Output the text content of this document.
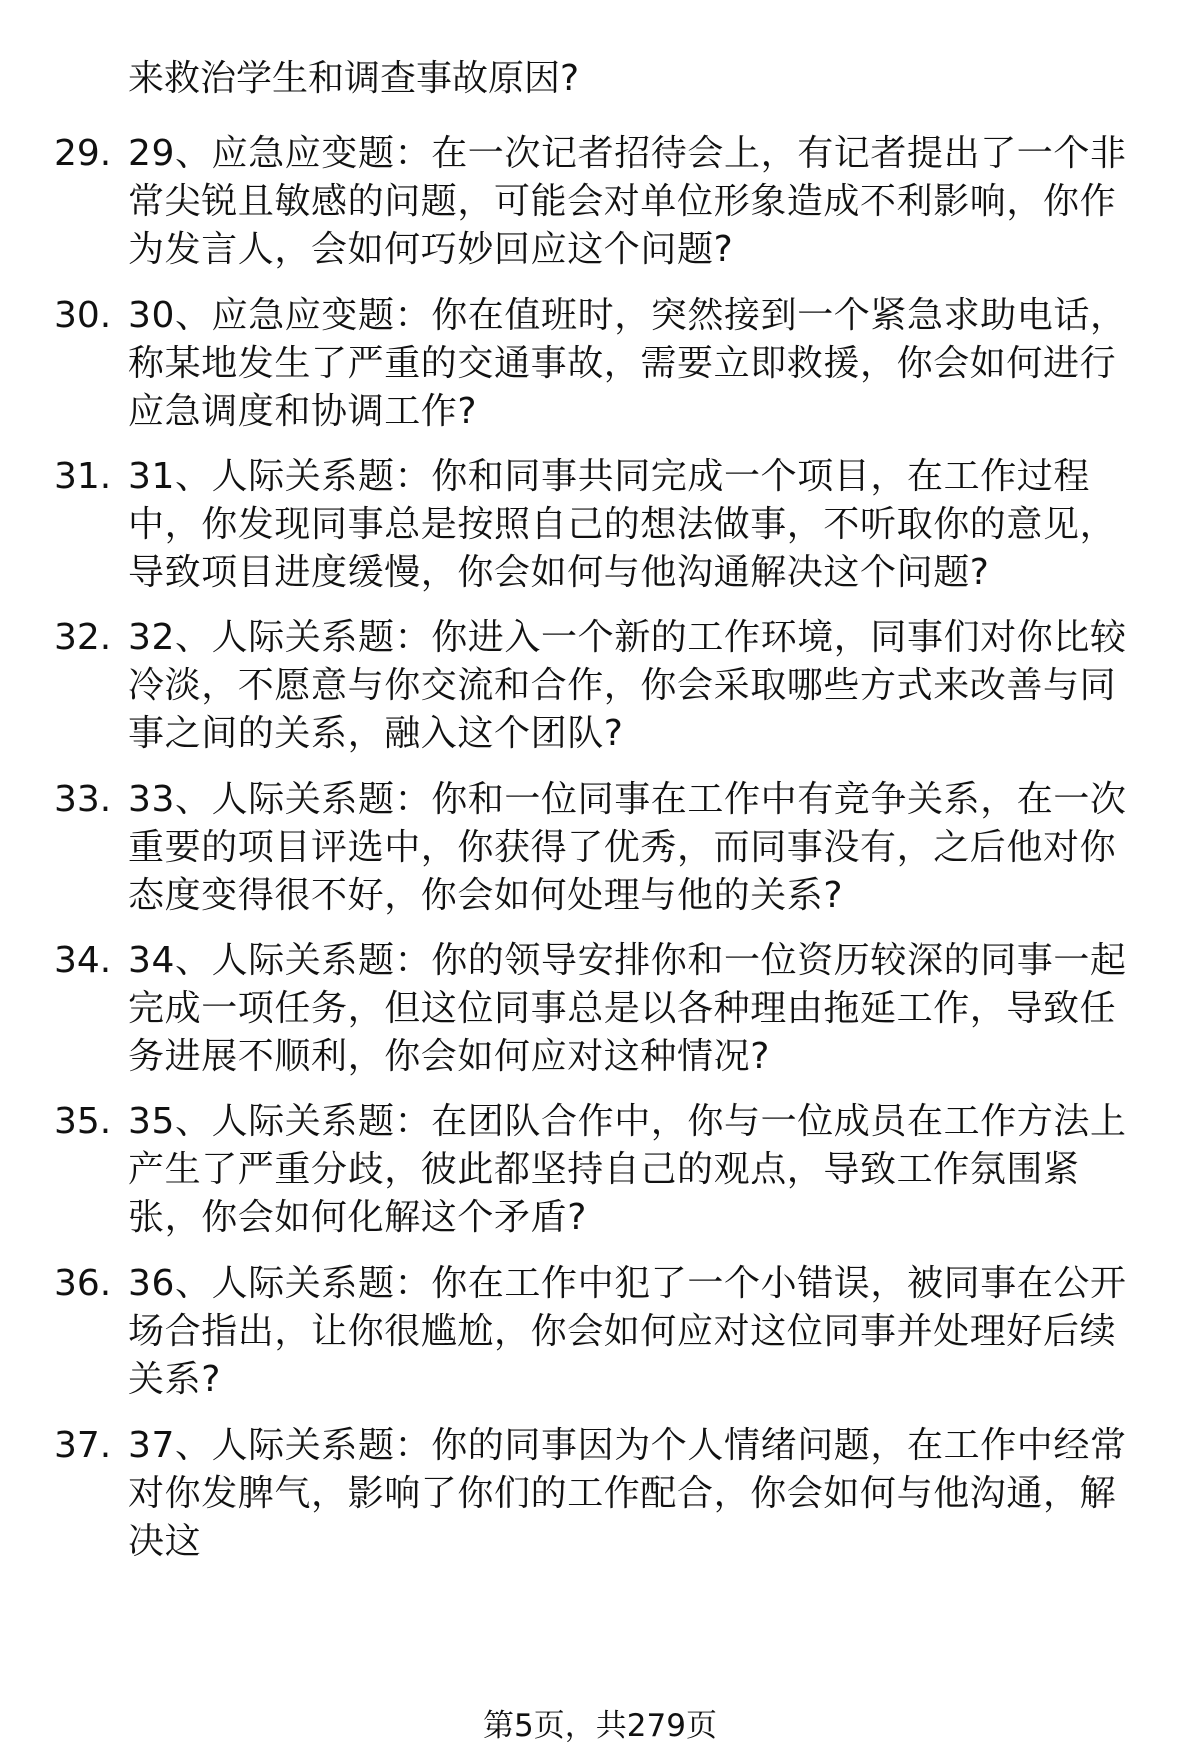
来救治学生和调查事故原因?
29. 29、应急应变题：在一次记者招待会上，有记者提出了一个非常尖锐且敏感的问题，可能会对单位形象造成不利影响，你作为发言人，会如何巧妙回应这个问题?
30. 30、应急应变题：你在值班时，突然接到一个紧急求助电话，称某地发生了严重的交通事故，需要立即救援，你会如何进行应急调度和协调工作?
31. 31、人际关系题：你和同事共同完成一个项目，在工作过程中，你发现同事总是按照自己的想法做事，不听取你的意见，导致项目进度缓慢，你会如何与他沟通解决这个问题?
32. 32、人际关系题：你进入一个新的工作环境，同事们对你比较冷淡，不愿意与你交流和合作，你会采取哪些方式来改善与同事之间的关系，融入这个团队?
33. 33、人际关系题：你和一位同事在工作中有竞争关系，在一次重要的项目评选中，你获得了优秀，而同事没有，之后他对你态度变得很不好，你会如何处理与他的关系?
34. 34、人际关系题：你的领导安排你和一位资历较深的同事一起完成一项任务，但这位同事总是以各种理由拖延工作，导致任务进展不顺利，你会如何应对这种情况?
35. 35、人际关系题：在团队合作中，你与一位成员在工作方法上产生了严重分歧，彼此都坚持自己的观点，导致工作氛围紧张，你会如何化解这个矛盾?
36. 36、人际关系题：你在工作中犯了一个小错误，被同事在公开场合指出，让你很尴尬，你会如何应对这位同事并处理好后续关系?
37. 37、人际关系题：你的同事因为个人情绪问题，在工作中经常对你发脾气，影响了你们的工作配合，你会如何与他沟通，解决这
第5页，共279页
